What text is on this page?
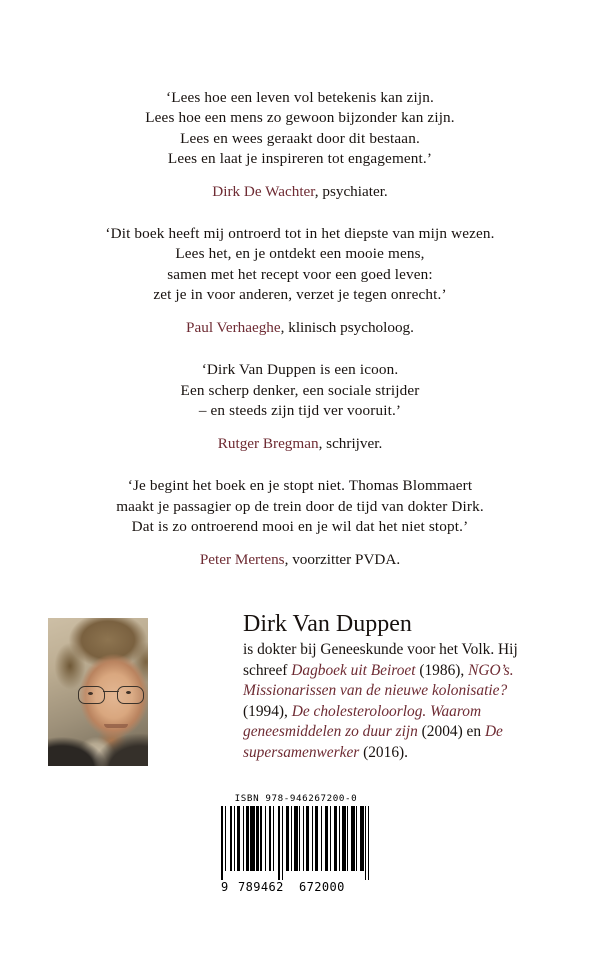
‘Lees hoe een leven vol betekenis kan zijn.
Lees hoe een mens zo gewoon bijzonder kan zijn.
Lees en wees geraakt door dit bestaan.
Lees en laat je inspireren tot engagement.’
Dirk De Wachter, psychiater.
‘Dit boek heeft mij ontroerd tot in het diepste van mijn wezen.
Lees het, en je ontdekt een mooie mens,
samen met het recept voor een goed leven:
zet je in voor anderen, verzet je tegen onrecht.’
Paul Verhaeghe, klinisch psycholoog.
‘Dirk Van Duppen is een icoon.
Een scherp denker, een sociale strijder
– en steeds zijn tijd ver vooruit.’
Rutger Bregman, schrijver.
‘Je begint het boek en je stopt niet. Thomas Blommaert
maakt je passagier op de trein door de tijd van dokter Dirk.
Dat is zo ontroerend mooi en je wil dat het niet stopt.’
Peter Mertens, voorzitter PVDA.
Dirk Van Duppen
is dokter bij Geneeskunde voor het Volk. Hij schreef Dagboek uit Beiroet (1986), NGO’s. Missionarissen van de nieuwe kolonisatie? (1994), De cholesteroloorlog. Waarom geneesmiddelen zo duur zijn (2004) en De supersamenwerker (2016).
ISBN 978-946267200-0
9 789462 672000
